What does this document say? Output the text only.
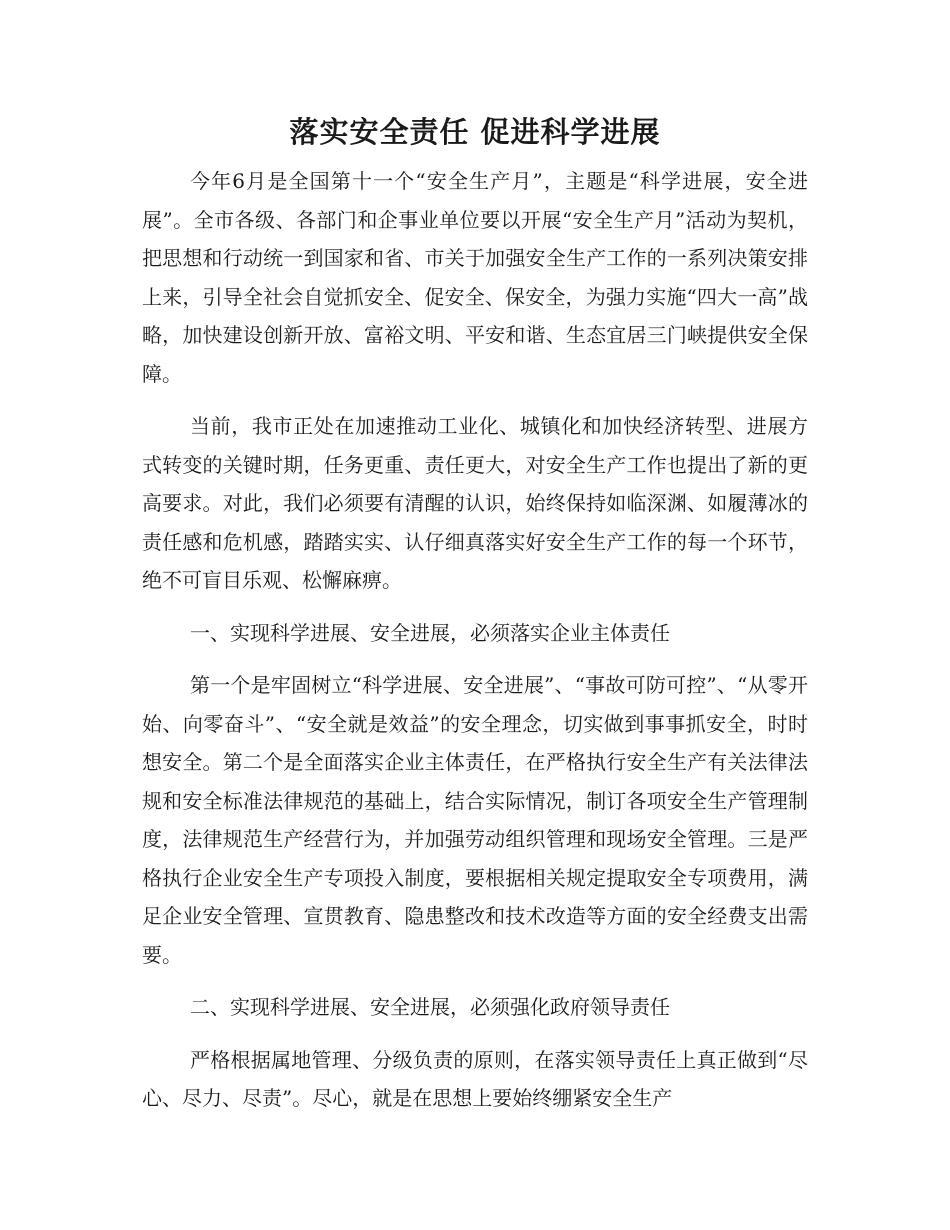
落实安全责任 促进科学进展

今年6月是全国第十一个“安全生产月”，主题是“科学进展，安全进展”。全市各级、各部门和企事业单位要以开展“安全生产月”活动为契机，把思想和行动统一到国家和省、市关于加强安全生产工作的一系列决策安排上来，引导全社会自觉抓安全、促安全、保安全，为强力实施“四大一高”战略，加快建设创新开放、富裕文明、平安和谐、生态宜居三门峡提供安全保障。

当前，我市正处在加速推动工业化、城镇化和加快经济转型、进展方式转变的关键时期，任务更重、责任更大，对安全生产工作也提出了新的更高要求。对此，我们必须要有清醒的认识，始终保持如临深渊、如履薄冰的责任感和危机感，踏踏实实、认仔细真落实好安全生产工作的每一个环节，绝不可盲目乐观、松懈麻痹。

一、实现科学进展、安全进展，必须落实企业主体责任

第一个是牢固树立“科学进展、安全进展”、“事故可防可控”、“从零开始、向零奋斗”、“安全就是效益”的安全理念，切实做到事事抓安全，时时想安全。第二个是全面落实企业主体责任，在严格执行安全生产有关法律法规和安全标准法律规范的基础上，结合实际情况，制订各项安全生产管理制度，法律规范生产经营行为，并加强劳动组织管理和现场安全管理。三是严格执行企业安全生产专项投入制度，要根据相关规定提取安全专项费用，满足企业安全管理、宣贯教育、隐患整改和技术改造等方面的安全经费支出需要。

二、实现科学进展、安全进展，必须强化政府领导责任

严格根据属地管理、分级负责的原则，在落实领导责任上真正做到“尽心、尽力、尽责”。尽心，就是在思想上要始终绷紧安全生产
